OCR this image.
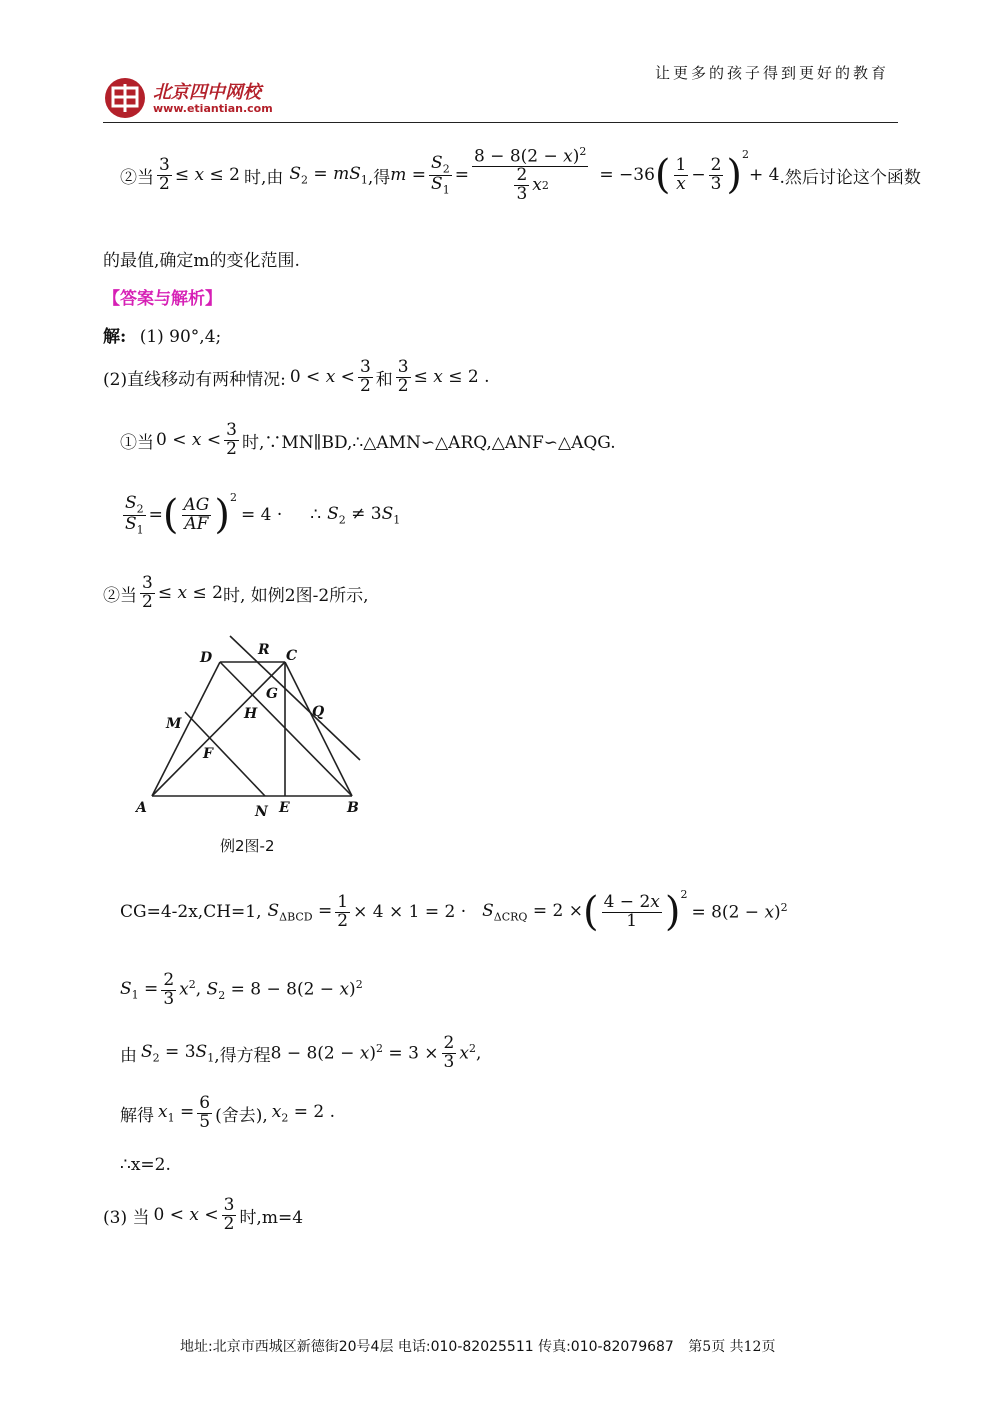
北京四中网校
www.etiantian.com
让更多的孩子得到更好的教育
②当 $\frac{3}{2} \le x \le 2$ 时,由 $S_2 = mS_1$ ,得 $m = \frac{S_2}{S_1} = \frac{8 - 8(2 - x)^2}{\frac{2}{3} x 2} = -36$ ( $\frac{1}{x} - \frac{2}{3} )^2$
+ 4 .然后讨论这个函数
的最值,确定m的变化范围.
【答案与解析】
解: (1) 90°,4;
(2)直线移动有两种情况: $0 < x < \frac{3}{2}$ 和 $\frac{3}{2} \le x \le 2$ .
①当 $0 < x < \frac{3}{2}$ 时,∵MN∥BD,∴△AMN∽△ARQ,△ANF∽△AQG.
$\frac{S_2}{S_1}$ = ( $\frac{AG}{AF} )^2$
= 4 · ∴ $S_2 \ne 3S_1$
②当 $\frac{3}{2} \le x \le 2$ 时, 如例2图-2所示,
D	R C
G
H	Q
M
F
A	N E	B
例2图-2
CG=4-2x,CH=1, $S_{\Delta BCD} = \frac{1}{2} \times 4 \times 1 = 2 \cdot S_{\Delta CRQ} = 2$ × ( $\frac{4 - 2x}{1} )^2$
= $8(2 - x)^2$
$S_1 = \frac{2}{3} x^2$, $S_2 = 8 - 8(2 - x)^2$
由 $S_2 = 3S_1$ ,得方程 $8 - 8(2 - x)^2 = 3 \times \frac{2}{3} x^2$,
解得 $x_1 = \frac{6}{5}$ (舍去), $x_2 = 2$ .
∴x=2.
(3) 当 $0 < x < \frac{3}{2}$ 时,m=4
地址:北京市西城区新德街20号4层 电话:010-82025511 传真:010-82079687 第5页 共12页
